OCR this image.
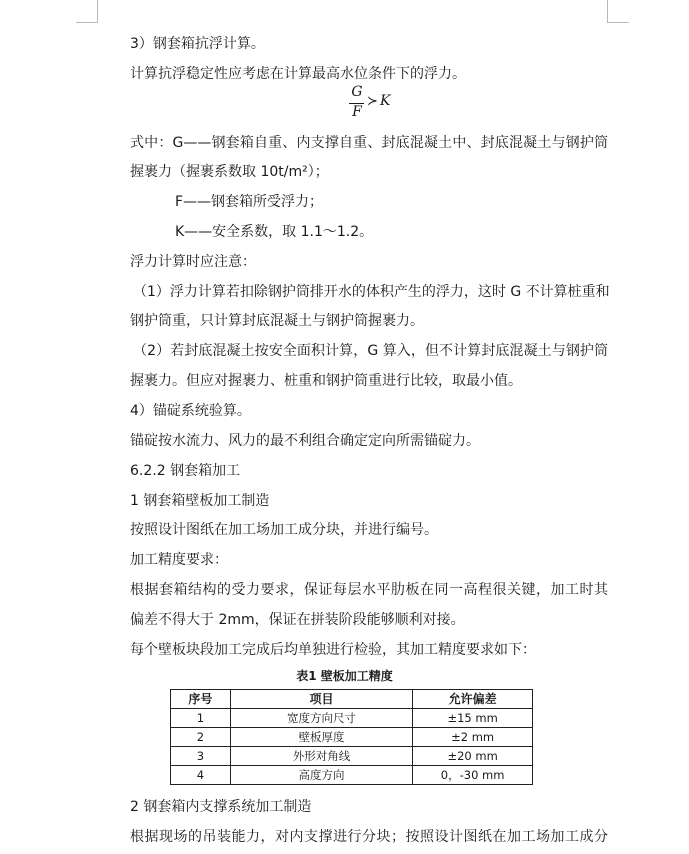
3）钢套箱抗浮计算。
计算抗浮稳定性应考虑在计算最高水位条件下的浮力。
G
F
≻ K
式中：G——钢套箱自重、内支撑自重、封底混凝土中、封底混凝土与钢护筒
握裹力（握裹系数取 10t/m²）；
F——钢套箱所受浮力；
K——安全系数，取 1.1～1.2。
浮力计算时应注意：
（1）浮力计算若扣除钢护筒排开水的体积产生的浮力，这时 G 不计算桩重和
钢护筒重，只计算封底混凝土与钢护筒握裹力。
（2）若封底混凝土按安全面积计算，G 算入，但不计算封底混凝土与钢护筒
握裹力。但应对握裹力、桩重和钢护筒重进行比较，取最小值。
4）锚碇系统验算。
锚碇按水流力、风力的最不利组合确定定向所需锚碇力。
6.2.2 钢套箱加工
1 钢套箱壁板加工制造
按照设计图纸在加工场加工成分块，并进行编号。
加工精度要求：
根据套箱结构的受力要求，保证每层水平肋板在同一高程很关键，加工时其
偏差不得大于 2mm，保证在拼装阶段能够顺利对接。
每个壁板块段加工完成后均单独进行检验，其加工精度要求如下：
表1 壁板加工精度
序号	项目	允许偏差
1	宽度方向尺寸	±15 mm
2	壁板厚度	±2 mm
3	外形对角线	±20 mm
4	高度方向	0，-30 mm
2 钢套箱内支撑系统加工制造
根据现场的吊装能力，对内支撑进行分块；按照设计图纸在加工场加工成分
